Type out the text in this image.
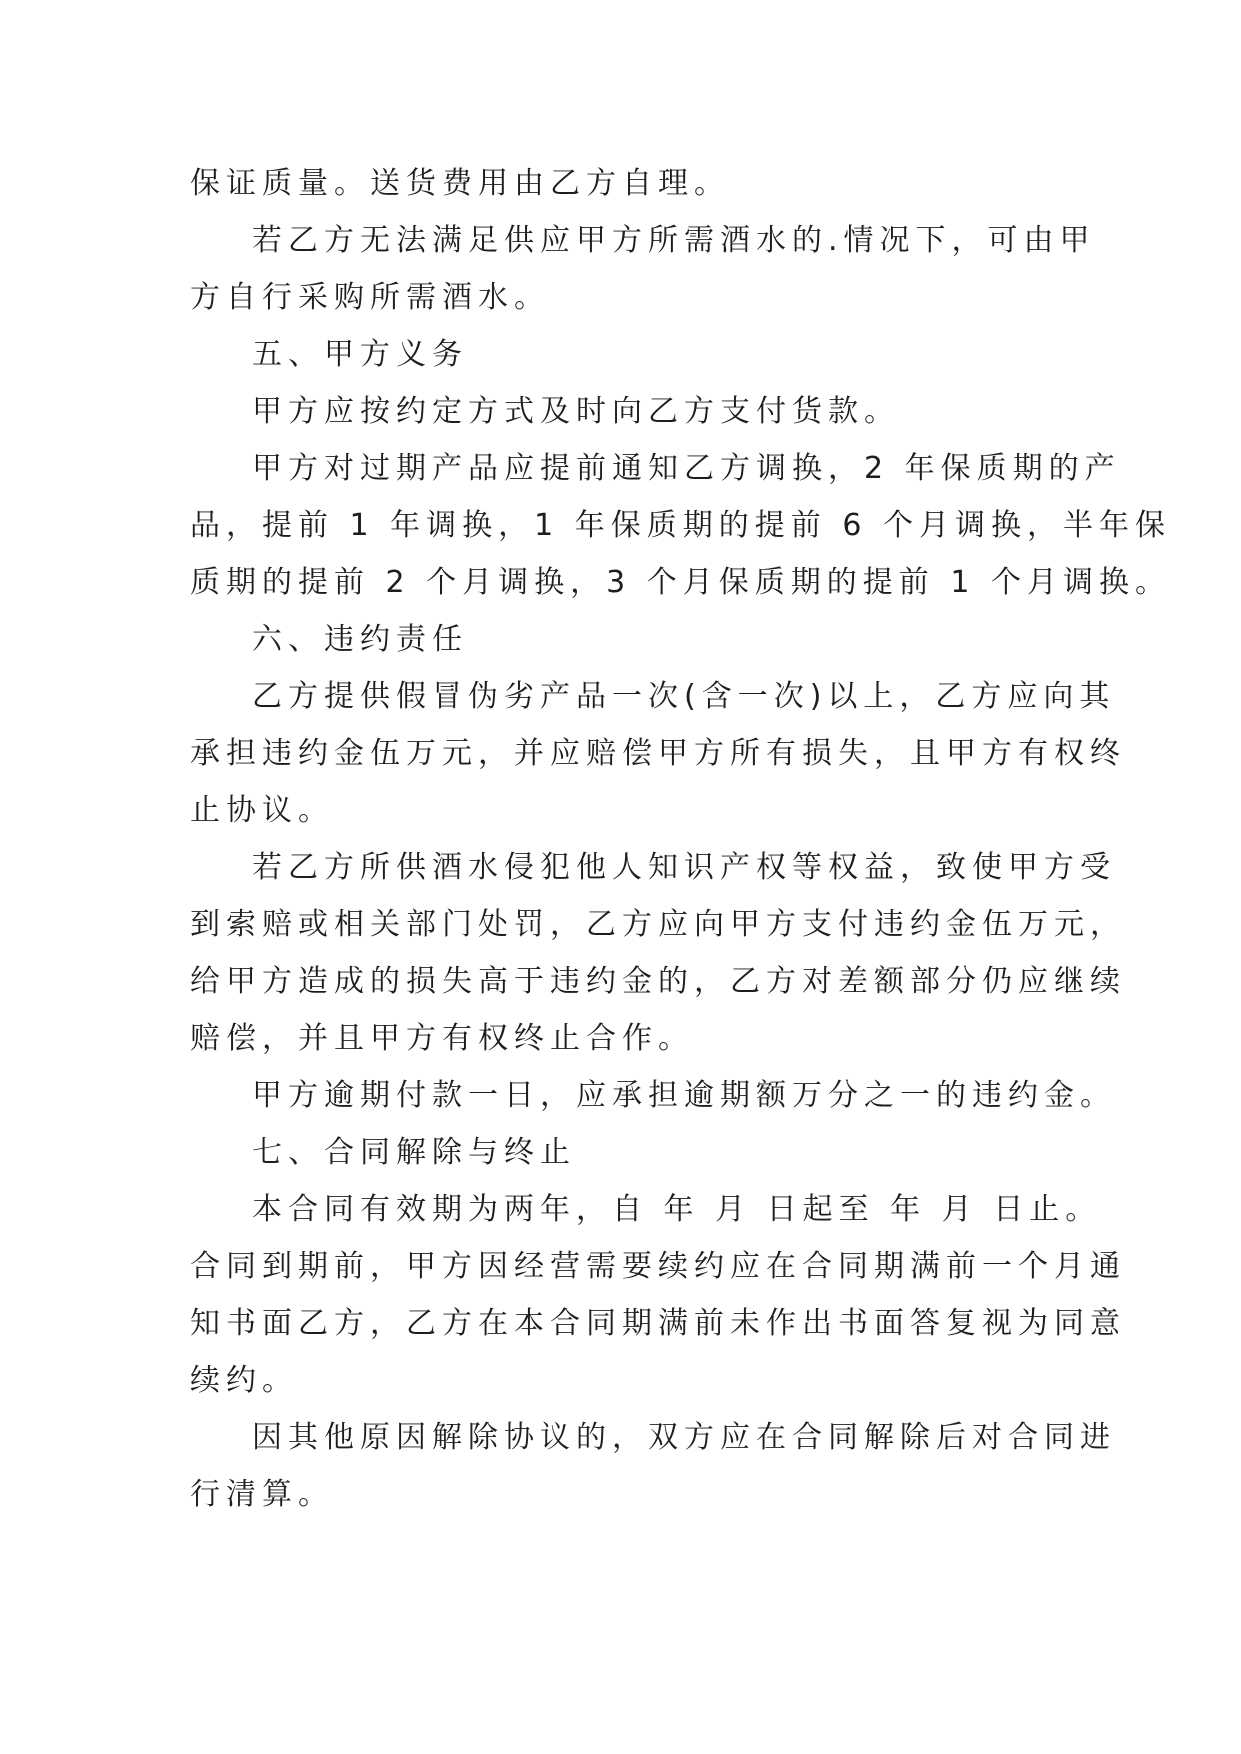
保证质量。送货费用由乙方自理。
若乙方无法满足供应甲方所需酒水的.情况下，可由甲
方自行采购所需酒水。
五、甲方义务
甲方应按约定方式及时向乙方支付货款。
甲方对过期产品应提前通知乙方调换，2 年保质期的产
品，提前 1 年调换，1 年保质期的提前 6 个月调换，半年保
质期的提前 2 个月调换，3 个月保质期的提前 1 个月调换。
六、违约责任
乙方提供假冒伪劣产品一次(含一次)以上，乙方应向其
承担违约金伍万元，并应赔偿甲方所有损失，且甲方有权终
止协议。
若乙方所供酒水侵犯他人知识产权等权益，致使甲方受
到索赔或相关部门处罚，乙方应向甲方支付违约金伍万元，
给甲方造成的损失高于违约金的，乙方对差额部分仍应继续
赔偿，并且甲方有权终止合作。
甲方逾期付款一日，应承担逾期额万分之一的违约金。
七、合同解除与终止
本合同有效期为两年，自 年 月 日起至 年 月 日止。
合同到期前，甲方因经营需要续约应在合同期满前一个月通
知书面乙方，乙方在本合同期满前未作出书面答复视为同意
续约。
因其他原因解除协议的，双方应在合同解除后对合同进
行清算。
